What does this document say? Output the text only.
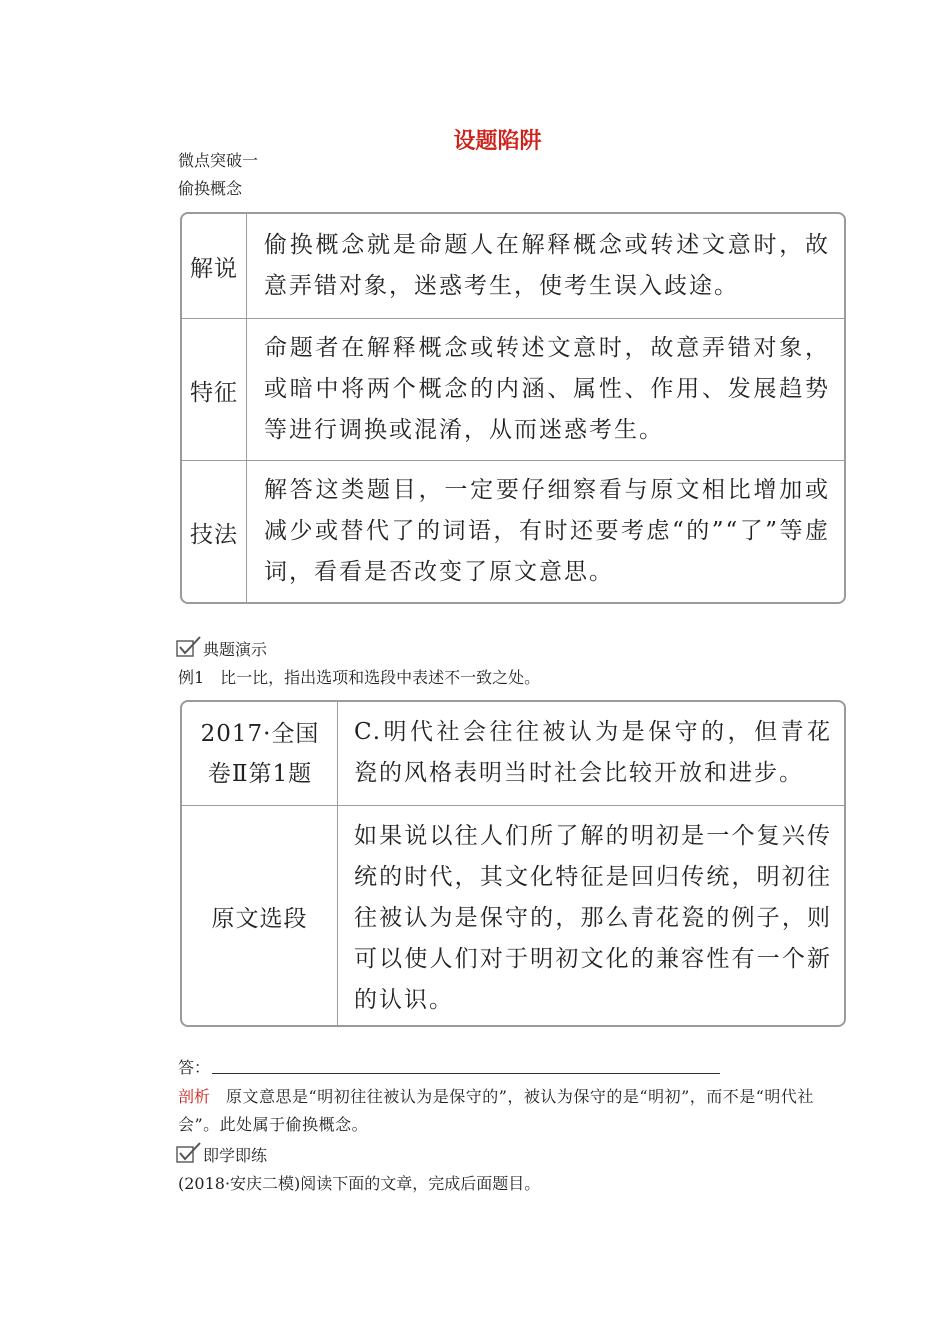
设题陷阱
微点突破一
偷换概念
解说
偷换概念就是命题人在解释概念或转述文意时，故意弄错对象，迷惑考生，使考生误入歧途。
特征
命题者在解释概念或转述文意时，故意弄错对象，或暗中将两个概念的内涵、属性、作用、发展趋势等进行调换或混淆，从而迷惑考生。
技法
解答这类题目，一定要仔细察看与原文相比增加或减少或替代了的词语，有时还要考虑“的”“了”等虚词，看看是否改变了原文意思。
典题演示
例1　比一比，指出选项和选段中表述不一致之处。
2017·全国卷Ⅱ第1题
C.明代社会往往被认为是保守的，但青花瓷的风格表明当时社会比较开放和进步。
原文选段
如果说以往人们所了解的明初是一个复兴传统的时代，其文化特征是回归传统，明初往往被认为是保守的，那么青花瓷的例子，则可以使人们对于明初文化的兼容性有一个新的认识。
答：
剖析　 原文意思是“明初往往被认为是保守的”，被认为保守的是“明初”，而不是“明代社会”。此处属于偷换概念。
即学即练
(2018·安庆二模)阅读下面的文章，完成后面题目。
